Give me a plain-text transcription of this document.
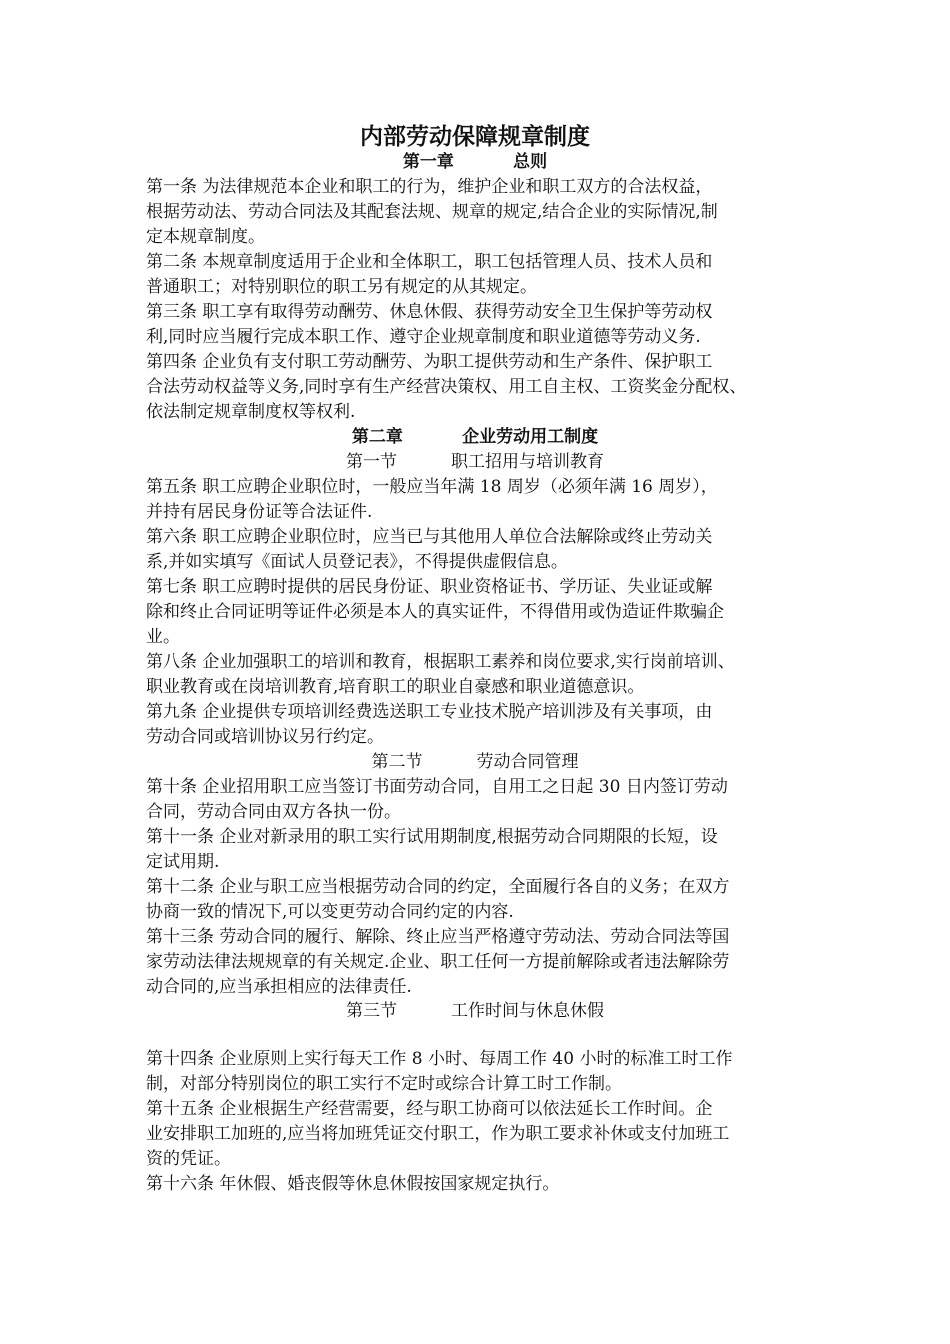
内部劳动保障规章制度
第一章          总则
第一条 为法律规范本企业和职工的行为，维护企业和职工双方的合法权益，
根据劳动法、劳动合同法及其配套法规、规章的规定,结合企业的实际情况,制
定本规章制度。
第二条 本规章制度适用于企业和全体职工，职工包括管理人员、技术人员和
普通职工；对特别职位的职工另有规定的从其规定。
第三条 职工享有取得劳动酬劳、休息休假、获得劳动安全卫生保护等劳动权
利,同时应当履行完成本职工作、遵守企业规章制度和职业道德等劳动义务.
第四条 企业负有支付职工劳动酬劳、为职工提供劳动和生产条件、保护职工
合法劳动权益等义务,同时享有生产经营决策权、用工自主权、工资奖金分配权、
依法制定规章制度权等权利.
第二章          企业劳动用工制度
第一节          职工招用与培训教育
第五条 职工应聘企业职位时，一般应当年满 18 周岁（必须年满 16 周岁），
并持有居民身份证等合法证件.
第六条 职工应聘企业职位时，应当已与其他用人单位合法解除或终止劳动关
系,并如实填写《面试人员登记表》，不得提供虚假信息。
第七条 职工应聘时提供的居民身份证、职业资格证书、学历证、失业证或解
除和终止合同证明等证件必须是本人的真实证件，不得借用或伪造证件欺骗企
业。
第八条 企业加强职工的培训和教育，根据职工素养和岗位要求,实行岗前培训、
职业教育或在岗培训教育,培育职工的职业自豪感和职业道德意识。
第九条 企业提供专项培训经费选送职工专业技术脱产培训涉及有关事项，由
劳动合同或培训协议另行约定。
第二节          劳动合同管理
第十条 企业招用职工应当签订书面劳动合同，自用工之日起 30 日内签订劳动
合同，劳动合同由双方各执一份。
第十一条 企业对新录用的职工实行试用期制度,根据劳动合同期限的长短，设
定试用期.
第十二条 企业与职工应当根据劳动合同的约定，全面履行各自的义务；在双方
协商一致的情况下,可以变更劳动合同约定的内容.
第十三条 劳动合同的履行、解除、终止应当严格遵守劳动法、劳动合同法等国
家劳动法律法规规章的有关规定.企业、职工任何一方提前解除或者违法解除劳
动合同的,应当承担相应的法律责任.
第三节          工作时间与休息休假
第十四条 企业原则上实行每天工作 8 小时、每周工作 40 小时的标准工时工作
制，对部分特别岗位的职工实行不定时或综合计算工时工作制。
第十五条 企业根据生产经营需要，经与职工协商可以依法延长工作时间。企
业安排职工加班的,应当将加班凭证交付职工，作为职工要求补休或支付加班工
资的凭证。
第十六条 年休假、婚丧假等休息休假按国家规定执行。
